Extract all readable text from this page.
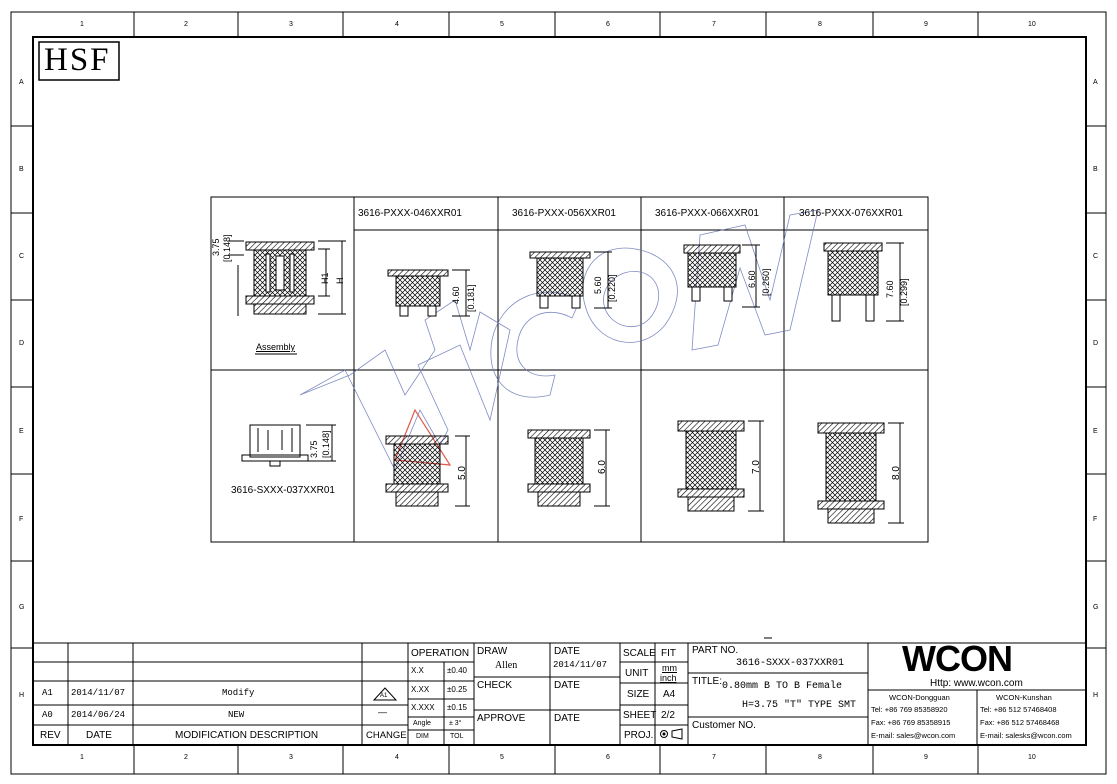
1	2	3	4	5	6	7	8	9	10
1	2	3	4	5	6	7	8	9	10
A
B
C
D
E
F
G
H
A
B
C
D
E
F
G
H
HSF
3616-PXXX-046XXR01	3616-PXXX-056XXR01	3616-PXXX-066XXR01	3616-PXXX-076XXR01
Assembly
3.75 [0.148]
H1 H
3616-SXXX-037XXR01
3.75 [0.148]
4.60 [0.181]	5.60 [0.220]	6.60 [0.260]	7.60 [0.299]
5.0	6.0	7.0	8.0
A1 2014/11/07	Modify	A1
A0 2014/06/24	NEW	—
REV	DATE	MODIFICATION DESCRIPTION	CHANGE
OPERATION
X.X	±0.40
X.XX ±0.25
X.XXX ±0.15
Angle	± 3°
DIM	TOL
DRAW
Allen
DATE
2014/11/07
CHECK	DATE
APPROVE	DATE
SCALE FIT
UNIT mm
inch
SIZE A4
SHEET 2/2
PROJ.
PART NO.
3616-SXXX-037XXR01
TITLE: 0.80mm B TO B Female
H=3.75 "T" TYPE SMT
Customer NO.
WCON
Http: www.wcon.com
WCON-Dongguan
Tel: +86 769 85358920
Fax: +86 769 85358915
E-mail: sales@wcon.com
WCON-Kunshan
Tel: +86 512 57468408
Fax: +86 512 57468468
E-mail: salesks@wcon.com
